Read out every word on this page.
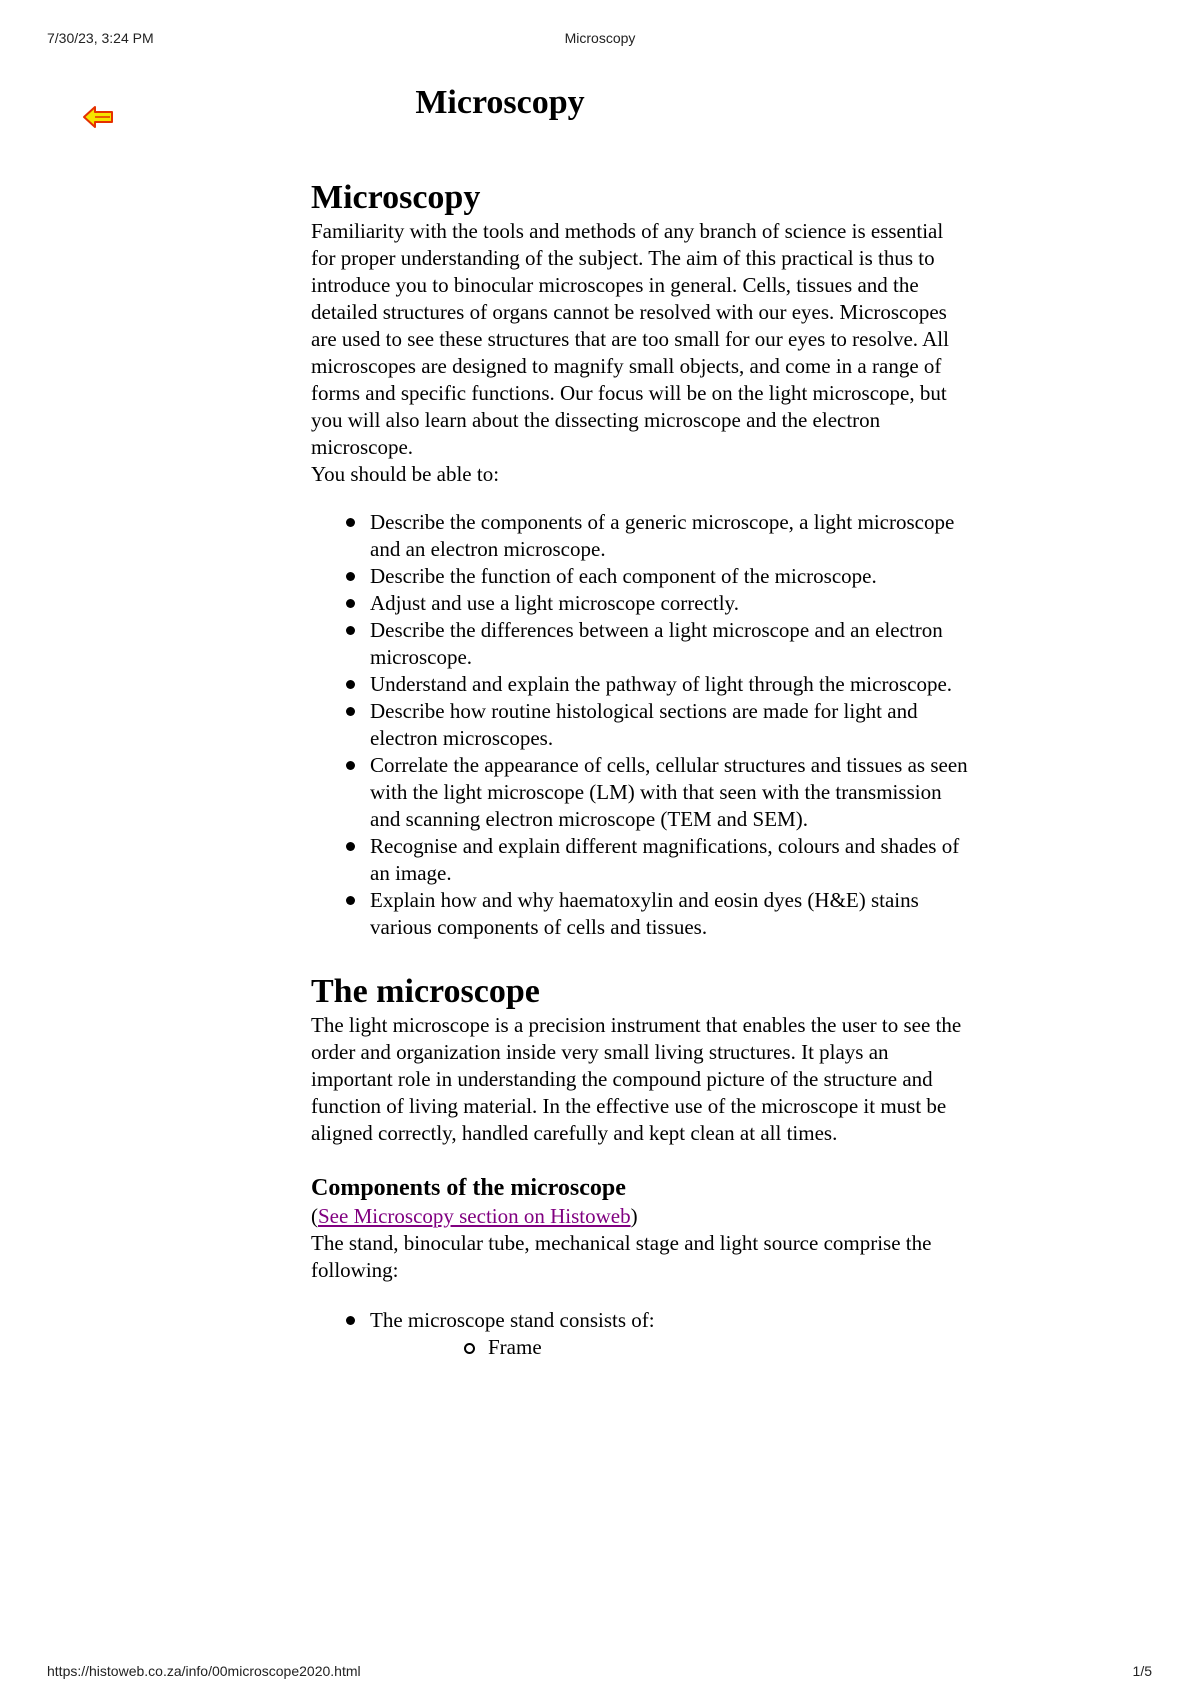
7/30/23, 3:24 PM	Microscopy
Microscopy
Microscopy

Familiarity with the tools and methods of any branch of science is essential for proper understanding of the subject. The aim of this practical is thus to introduce you to binocular microscopes in general. Cells, tissues and the detailed structures of organs cannot be resolved with our eyes. Microscopes are used to see these structures that are too small for our eyes to resolve. All microscopes are designed to magnify small objects, and come in a range of forms and specific functions. Our focus will be on the light microscope, but you will also learn about the dissecting microscope and the electron microscope.

You should be able to:

Describe the components of a generic microscope, a light microscope and an electron microscope.
Describe the function of each component of the microscope.
Adjust and use a light microscope correctly.
Describe the differences between a light microscope and an electron microscope.
Understand and explain the pathway of light through the microscope.
Describe how routine histological sections are made for light and electron microscopes.
Correlate the appearance of cells, cellular structures and tissues as seen with the light microscope (LM) with that seen with the transmission and scanning electron microscope (TEM and SEM).
Recognise and explain different magnifications, colours and shades of an image.
Explain how and why haematoxylin and eosin dyes (H&E) stains various components of cells and tissues.
The microscope

The light microscope is a precision instrument that enables the user to see the order and organization inside very small living structures. It plays an important role in understanding the compound picture of the structure and function of living material. In the effective use of the microscope it must be aligned correctly, handled carefully and kept clean at all times.

Components of the microscope

(See Microscopy section on Histoweb)

The stand, binocular tube, mechanical stage and light source comprise the following:

The microscope stand consists of:
Frame
https://histoweb.co.za/info/00microscope2020.html	1/5
